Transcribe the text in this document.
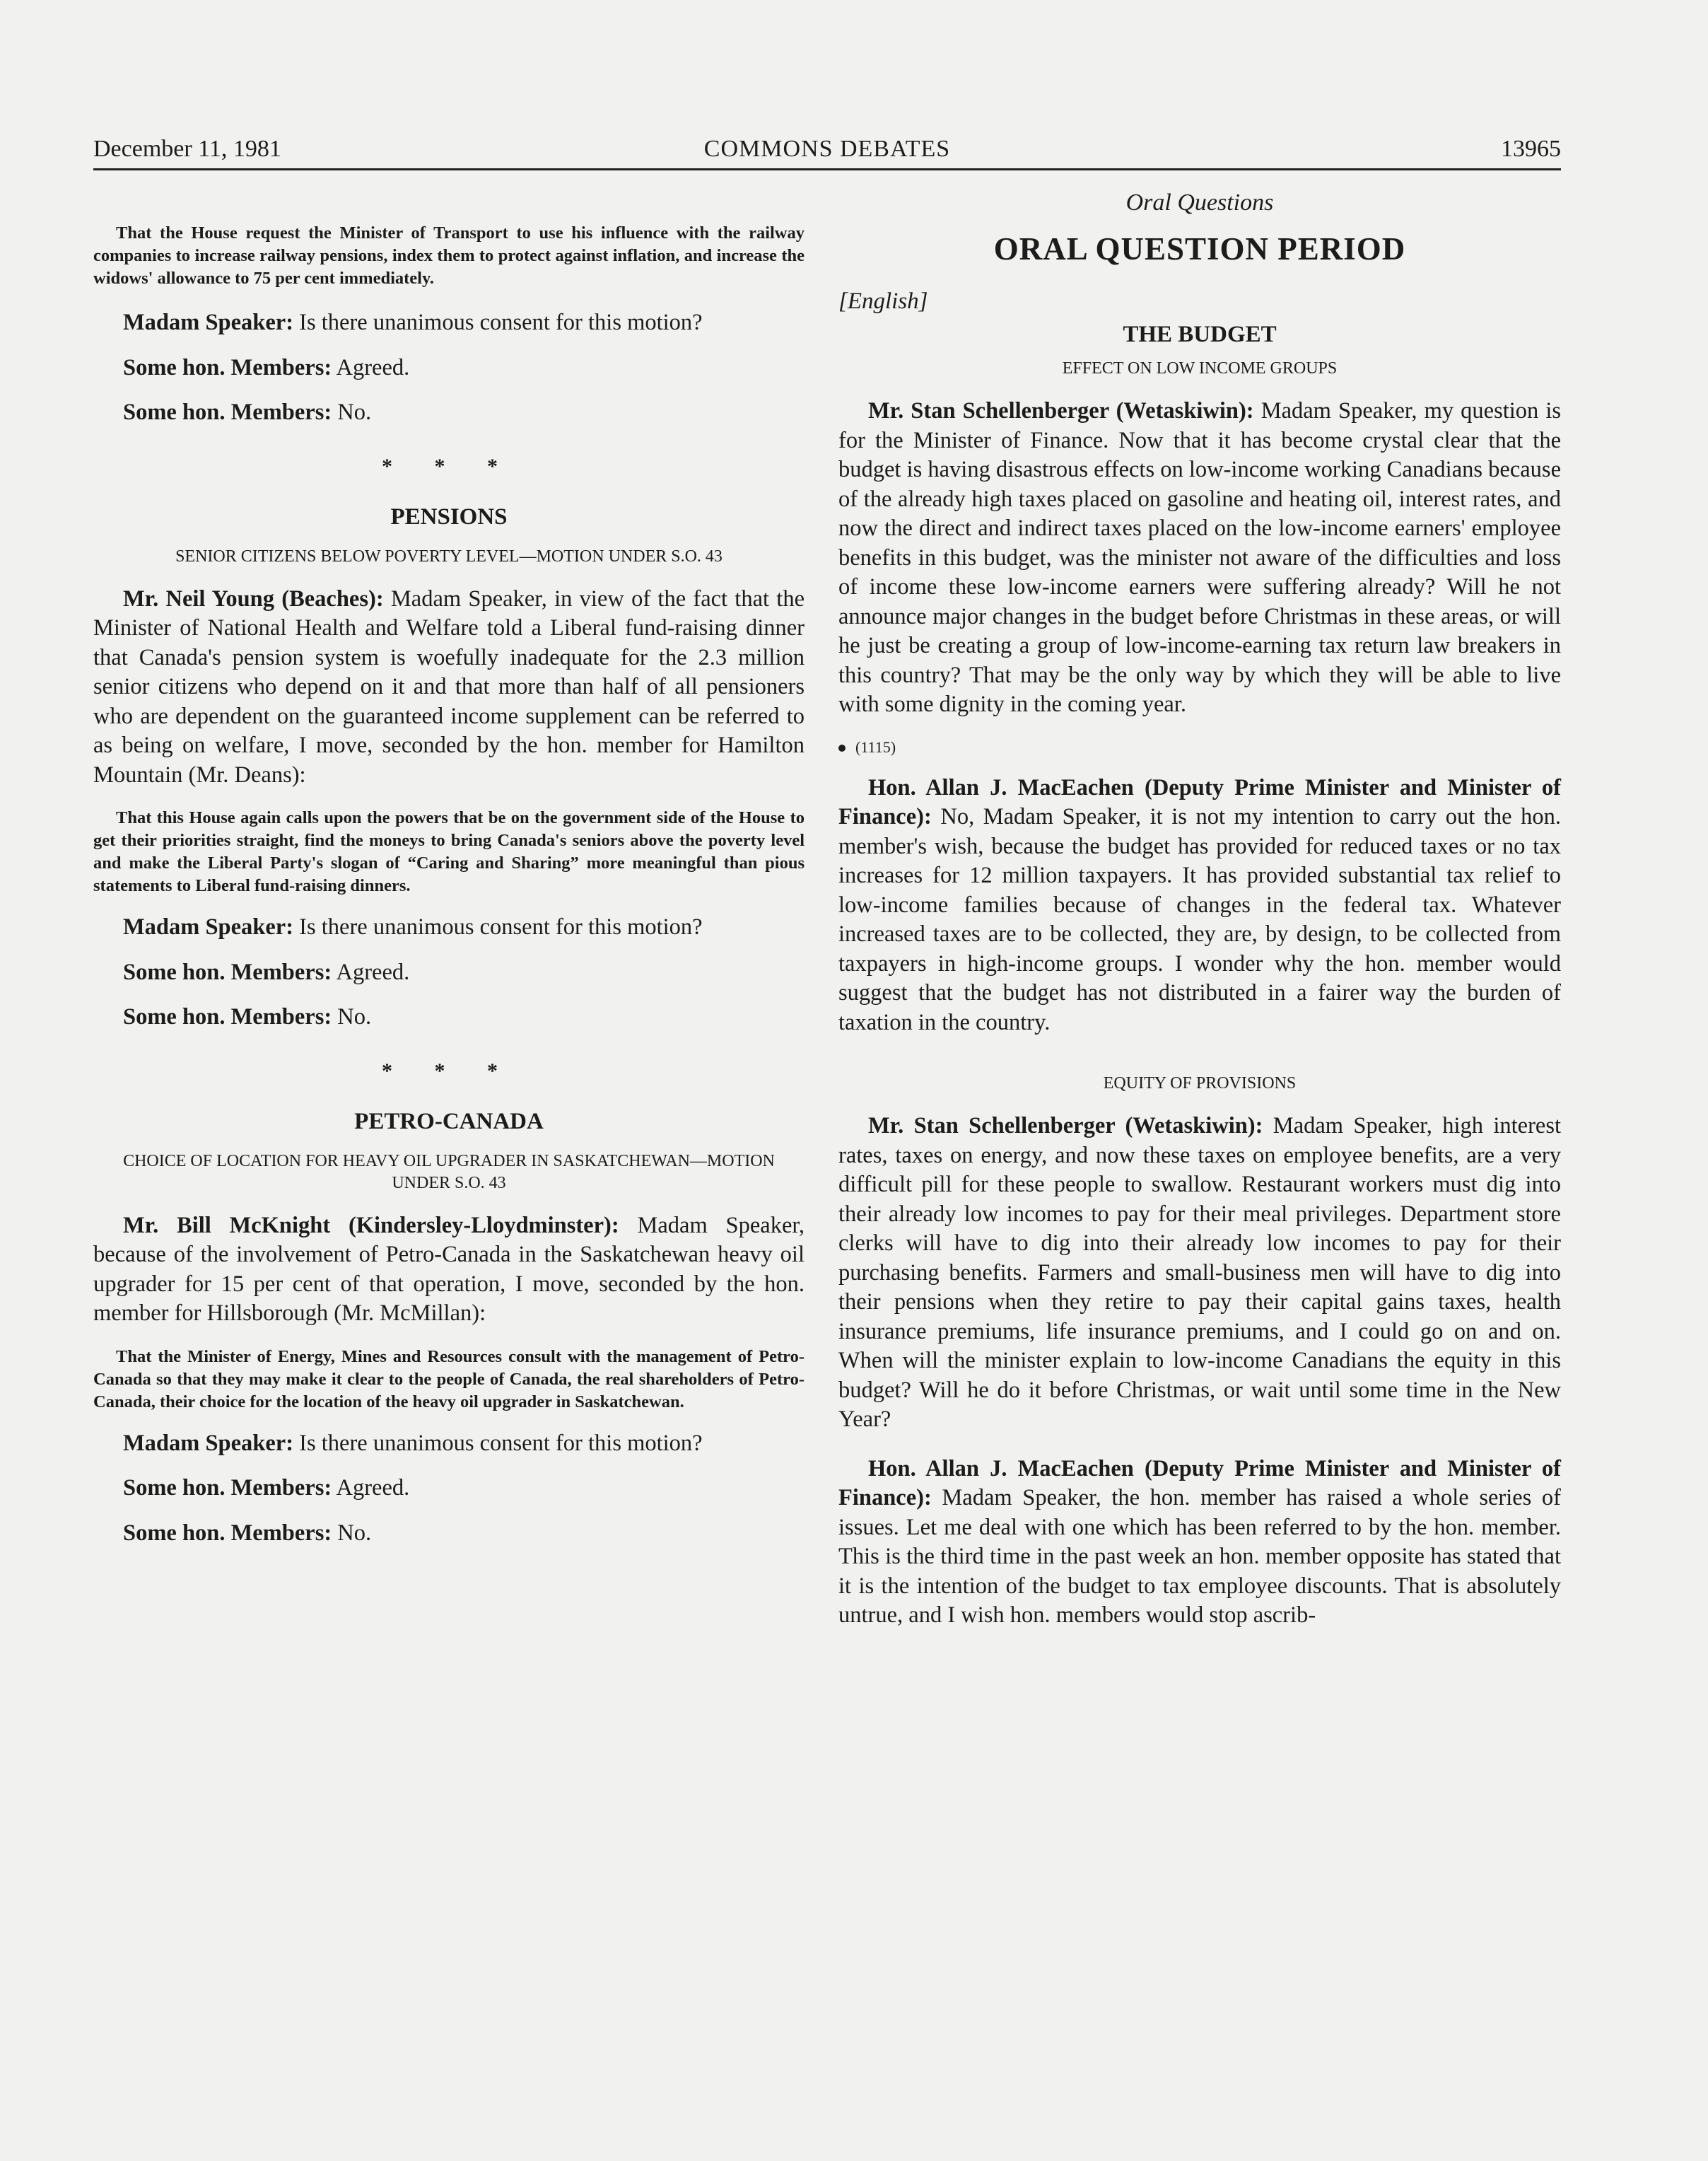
December 11, 1981	COMMONS DEBATES	13965

That the House request the Minister of Transport to use his influence with the railway companies to increase railway pensions, index them to protect against inflation, and increase the widows' allowance to 75 per cent immediately.

Madam Speaker: Is there unanimous consent for this motion?

Some hon. Members: Agreed.

Some hon. Members: No.

* * *
PENSIONS
SENIOR CITIZENS BELOW POVERTY LEVEL—MOTION UNDER S.O. 43

Mr. Neil Young (Beaches): Madam Speaker, in view of the fact that the Minister of National Health and Welfare told a Liberal fund-raising dinner that Canada's pension system is woefully inadequate for the 2.3 million senior citizens who depend on it and that more than half of all pensioners who are dependent on the guaranteed income supplement can be referred to as being on welfare, I move, seconded by the hon. member for Hamilton Mountain (Mr. Deans):

That this House again calls upon the powers that be on the government side of the House to get their priorities straight, find the moneys to bring Canada's seniors above the poverty level and make the Liberal Party's slogan of “Caring and Sharing” more meaningful than pious statements to Liberal fund-raising dinners.

Madam Speaker: Is there unanimous consent for this motion?

Some hon. Members: Agreed.

Some hon. Members: No.

* * *
PETRO-CANADA
CHOICE OF LOCATION FOR HEAVY OIL UPGRADER IN SASKATCHEWAN—MOTION UNDER S.O. 43

Mr. Bill McKnight (Kindersley-Lloydminster): Madam Speaker, because of the involvement of Petro-Canada in the Saskatchewan heavy oil upgrader for 15 per cent of that operation, I move, seconded by the hon. member for Hillsborough (Mr. McMillan):

That the Minister of Energy, Mines and Resources consult with the management of Petro-Canada so that they may make it clear to the people of Canada, the real shareholders of Petro-Canada, their choice for the location of the heavy oil upgrader in Saskatchewan.

Madam Speaker: Is there unanimous consent for this motion?

Some hon. Members: Agreed.

Some hon. Members: No.

Oral Questions
ORAL QUESTION PERIOD
[English]
THE BUDGET
EFFECT ON LOW INCOME GROUPS

Mr. Stan Schellenberger (Wetaskiwin): Madam Speaker, my question is for the Minister of Finance. Now that it has become crystal clear that the budget is having disastrous effects on low-income working Canadians because of the already high taxes placed on gasoline and heating oil, interest rates, and now the direct and indirect taxes placed on the low-income earners' employee benefits in this budget, was the minister not aware of the difficulties and loss of income these low-income earners were suffering already? Will he not announce major changes in the budget before Christmas in these areas, or will he just be creating a group of low-income-earning tax return law breakers in this country? That may be the only way by which they will be able to live with some dignity in the coming year.

(1115)

Hon. Allan J. MacEachen (Deputy Prime Minister and Minister of Finance): No, Madam Speaker, it is not my intention to carry out the hon. member's wish, because the budget has provided for reduced taxes or no tax increases for 12 million taxpayers. It has provided substantial tax relief to low-income families because of changes in the federal tax. Whatever increased taxes are to be collected, they are, by design, to be collected from taxpayers in high-income groups. I wonder why the hon. member would suggest that the budget has not distributed in a fairer way the burden of taxation in the country.

EQUITY OF PROVISIONS

Mr. Stan Schellenberger (Wetaskiwin): Madam Speaker, high interest rates, taxes on energy, and now these taxes on employee benefits, are a very difficult pill for these people to swallow. Restaurant workers must dig into their already low incomes to pay for their meal privileges. Department store clerks will have to dig into their already low incomes to pay for their purchasing benefits. Farmers and small-business men will have to dig into their pensions when they retire to pay their capital gains taxes, health insurance premiums, life insurance premiums, and I could go on and on. When will the minister explain to low-income Canadians the equity in this budget? Will he do it before Christmas, or wait until some time in the New Year?

Hon. Allan J. MacEachen (Deputy Prime Minister and Minister of Finance): Madam Speaker, the hon. member has raised a whole series of issues. Let me deal with one which has been referred to by the hon. member. This is the third time in the past week an hon. member opposite has stated that it is the intention of the budget to tax employee discounts. That is absolutely untrue, and I wish hon. members would stop ascrib-
